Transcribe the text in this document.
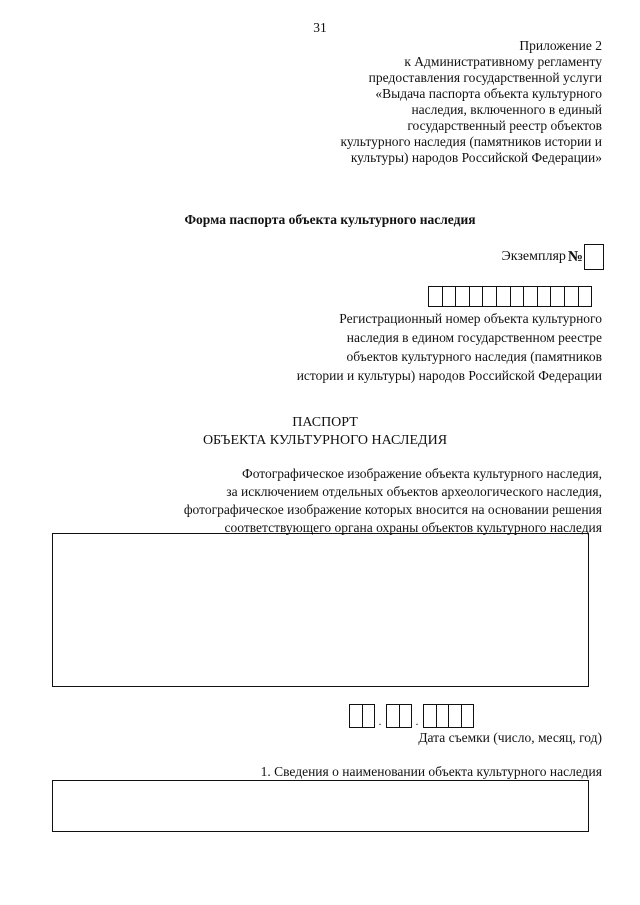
31
Приложение 2
к Административному регламенту
предоставления государственной услуги
«Выдача паспорта объекта культурного
наследия, включенного в единый
государственный реестр объектов
культурного наследия (памятников истории и
культуры) народов Российской Федерации»
Форма паспорта объекта культурного наследия
Экземпляр №
Регистрационный номер объекта культурного
наследия в едином государственном реестре
объектов культурного наследия (памятников
истории и культуры) народов Российской Федерации
ПАСПОРТ
ОБЪЕКТА КУЛЬТУРНОГО НАСЛЕДИЯ
Фотографическое изображение объекта культурного наследия,
за исключением отдельных объектов археологического наследия,
фотографическое изображение которых вносится на основании решения
соответствующего органа охраны объектов культурного наследия
.	.
Дата съемки (число, месяц, год)
1. Сведения о наименовании объекта культурного наследия
